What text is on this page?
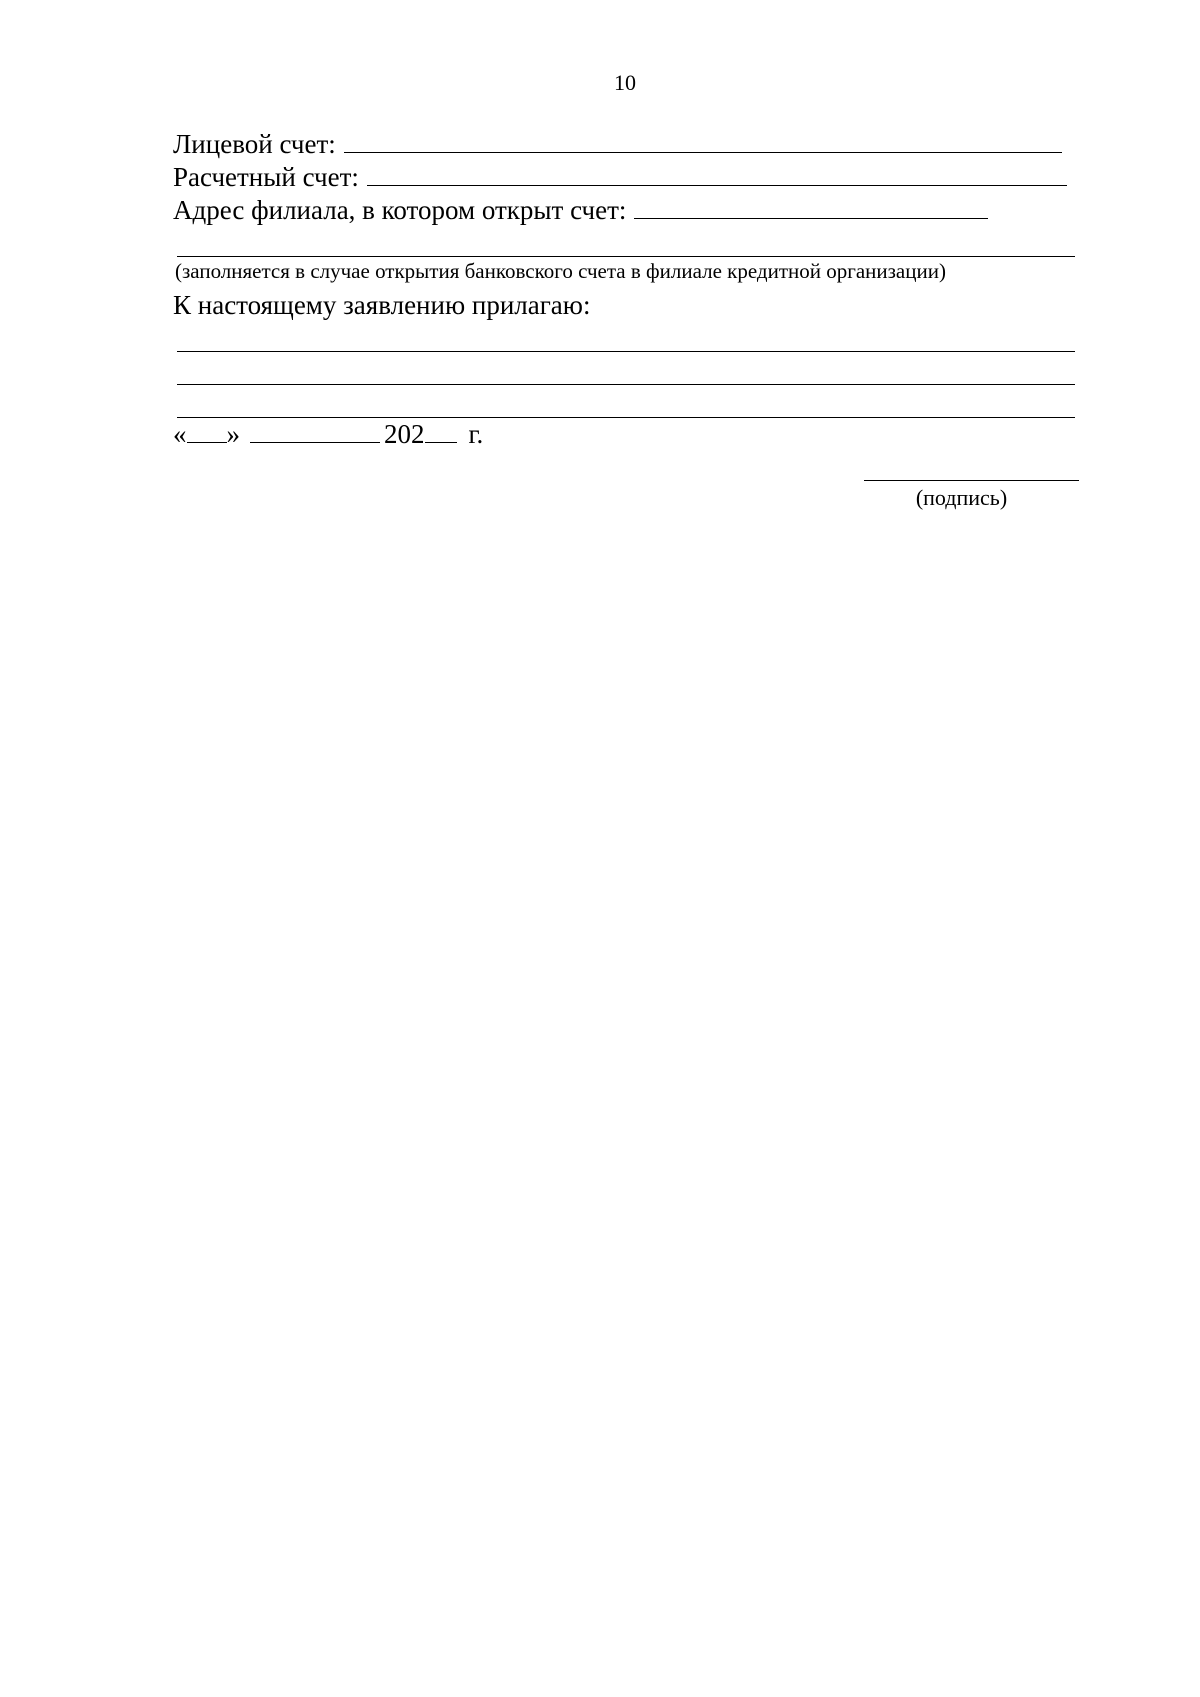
10
Лицевой счет:
Расчетный счет:
Адрес филиала, в котором открыт счет:
(заполняется в случае открытия банковского счета в филиале кредитной организации)
К настоящему заявлению прилагаю:
« »	202 г.
(подпись)
